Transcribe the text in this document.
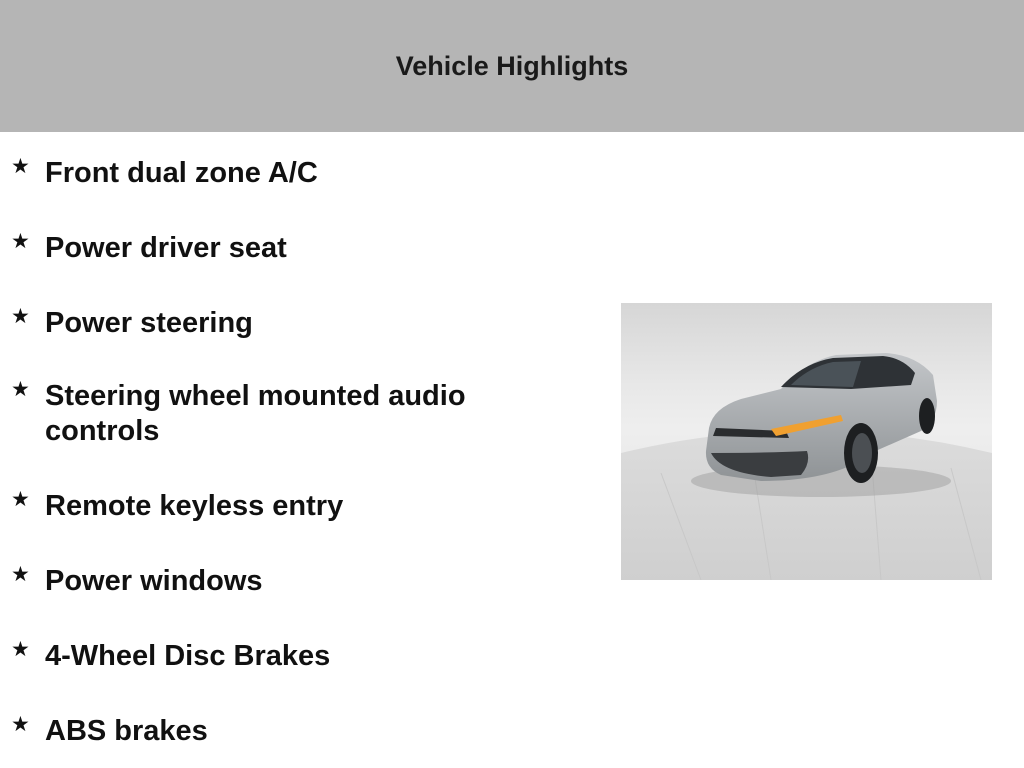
Vehicle Highlights
★ Front dual zone A/C
★ Power driver seat
★ Power steering
★ Steering wheel mounted audio controls
★ Remote keyless entry
★ Power windows
★ 4-Wheel Disc Brakes
★ ABS brakes
